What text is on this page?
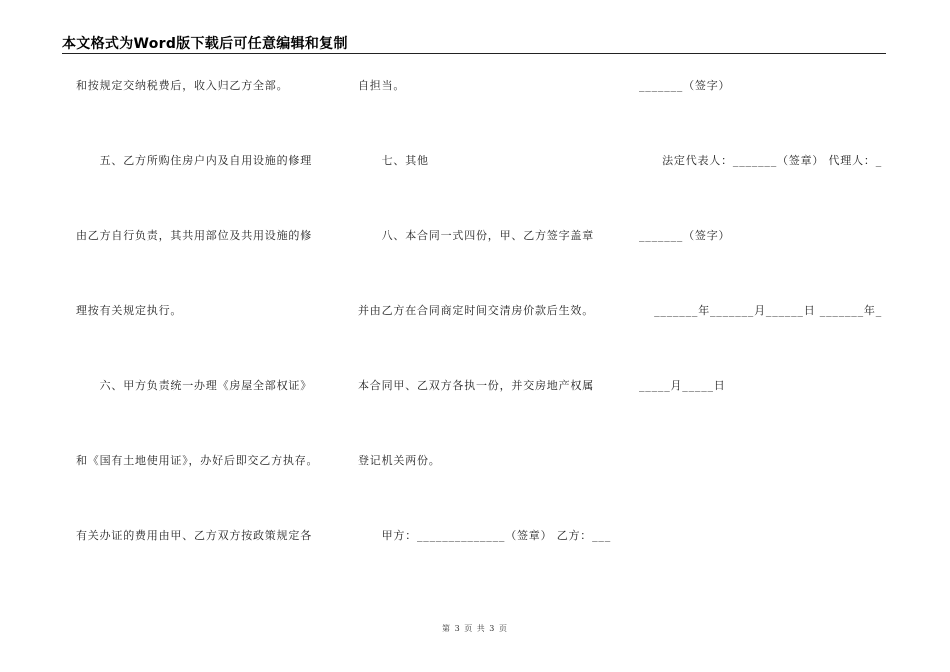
本文格式为Word版下载后可任意编辑和复制
和按规定交纳税费后，收入归乙方全部。
　　五、乙方所购住房户内及自用设施的修理
由乙方自行负责，其共用部位及共用设施的修
理按有关规定执行。
　　六、甲方负责统一办理《房屋全部权证》
和《国有土地使用证》，办好后即交乙方执存。
有关办证的费用由甲、乙方双方按政策规定各
自担当。
　　七、其他
　　八、本合同一式四份，甲、乙方签字盖章
并由乙方在合同商定时间交清房价款后生效。
本合同甲、乙双方各执一份，并交房地产权属
登记机关两份。
　　甲方：______________（签章） 乙方：___
_______（签字）
法定代表人：_______（签章） 代理人：_
_______（签字）
_______年_______月______日 _______年_
_____月_____日
第 3 页 共 3 页
